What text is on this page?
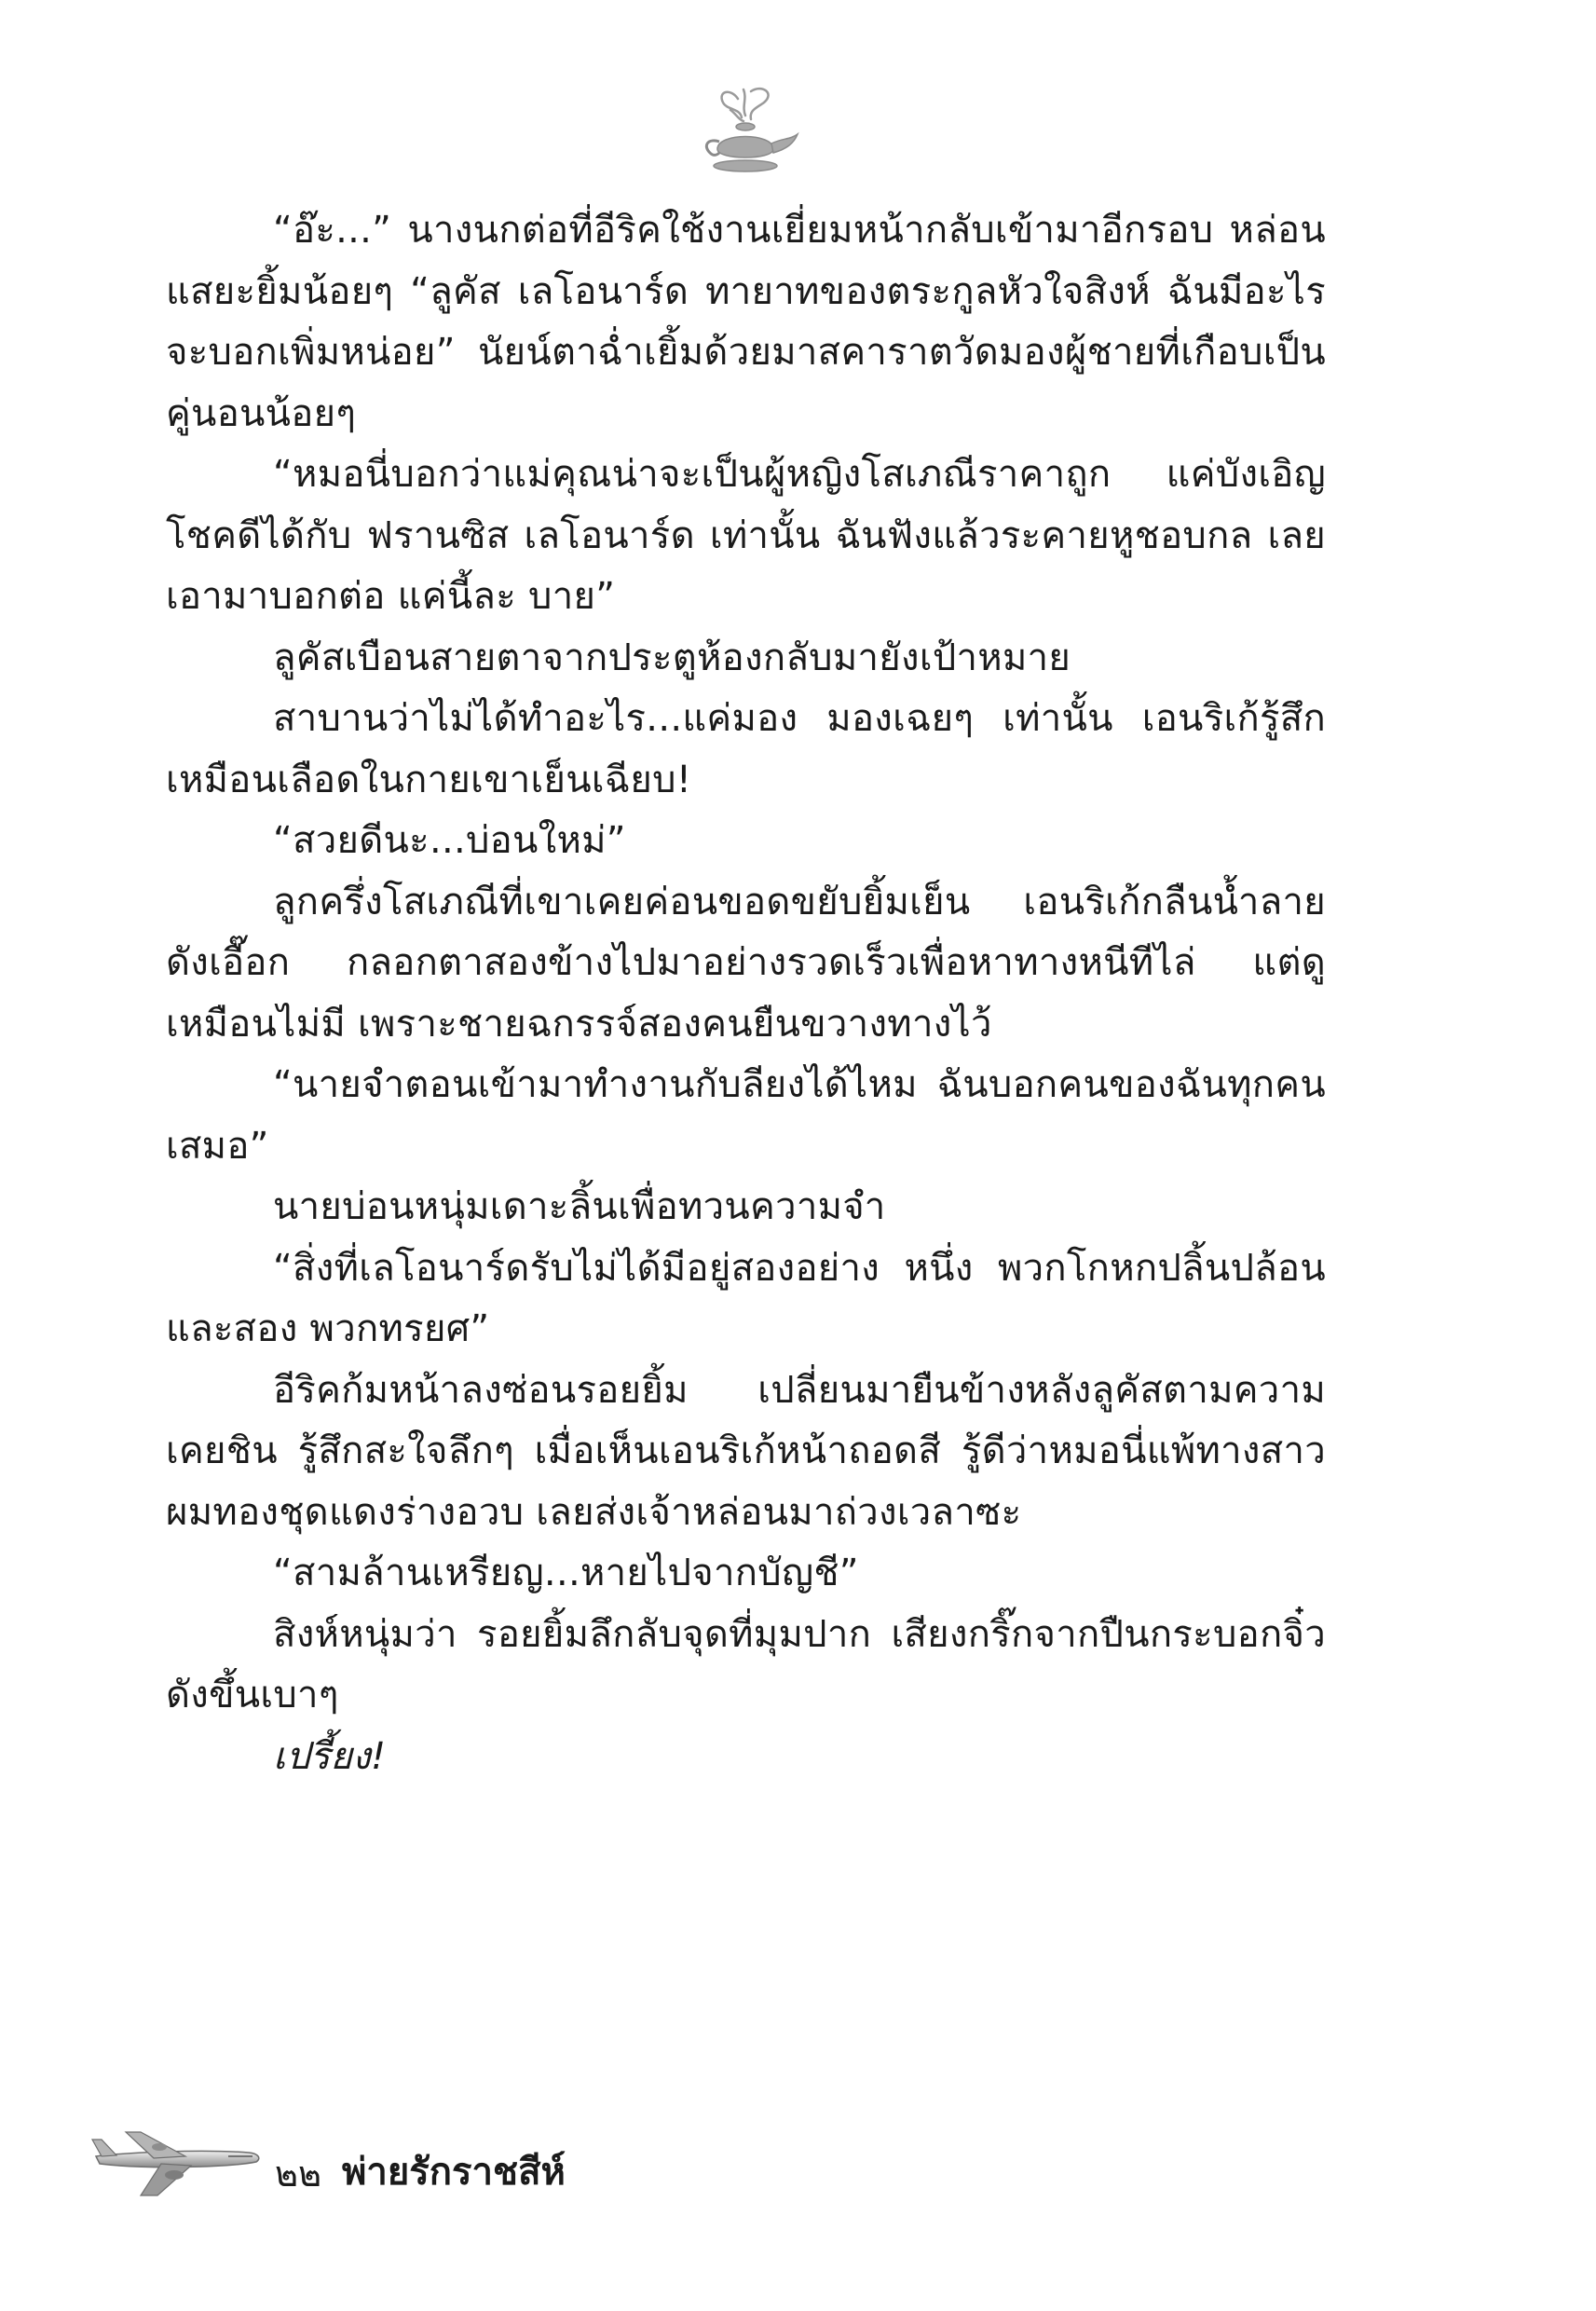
“อ๊ะ...” นางนกต่อที่อีริคใช้งานเยี่ยมหน้ากลับเข้ามาอีกรอบ หล่อนแสยะยิ้มน้อยๆ “ลูคัส เลโอนาร์ด ทายาทของตระกูลหัวใจสิงห์ ฉันมีอะไรจะบอกเพิ่มหน่อย” นัยน์ตาฉ่ำเยิ้มด้วยมาสคาราตวัดมองผู้ชายที่เกือบเป็นคู่นอนน้อยๆ

“หมอนี่บอกว่าแม่คุณน่าจะเป็นผู้หญิงโสเภณีราคาถูก แค่บังเอิญโชคดีได้กับ ฟรานซิส เลโอนาร์ด เท่านั้น ฉันฟังแล้วระคายหูชอบกล เลยเอามาบอกต่อ แค่นี้ละ บาย”

ลูคัสเบือนสายตาจากประตูห้องกลับมายังเป้าหมาย

สาบานว่าไม่ได้ทำอะไร...แค่มอง มองเฉยๆ เท่านั้น เอนริเก้รู้สึกเหมือนเลือดในกายเขาเย็นเฉียบ!

“สวยดีนะ...บ่อนใหม่”

ลูกครึ่งโสเภณีที่เขาเคยค่อนขอดขยับยิ้มเย็น เอนริเก้กลืนน้ำลายดังเอื๊อก กลอกตาสองข้างไปมาอย่างรวดเร็วเพื่อหาทางหนีทีไล่ แต่ดูเหมือนไม่มี เพราะชายฉกรรจ์สองคนยืนขวางทางไว้

“นายจำตอนเข้ามาทำงานกับลียงได้ไหม ฉันบอกคนของฉันทุกคนเสมอ”

นายบ่อนหนุ่มเดาะลิ้นเพื่อทวนความจำ

“สิ่งที่เลโอนาร์ดรับไม่ได้มีอยู่สองอย่าง หนึ่ง พวกโกหกปลิ้นปล้อน และสอง พวกทรยศ”

อีริคก้มหน้าลงซ่อนรอยยิ้ม เปลี่ยนมายืนข้างหลังลูคัสตามความเคยชิน รู้สึกสะใจลึกๆ เมื่อเห็นเอนริเก้หน้าถอดสี รู้ดีว่าหมอนี่แพ้ทางสาวผมทองชุดแดงร่างอวบ เลยส่งเจ้าหล่อนมาถ่วงเวลาซะ

“สามล้านเหรียญ...หายไปจากบัญชี”

สิงห์หนุ่มว่า รอยยิ้มลึกลับจุดที่มุมปาก เสียงกริ๊กจากปืนกระบอกจิ๋วดังขึ้นเบาๆ

เปรี้ยง!

๒๒ พ่ายรักราชสีห์
